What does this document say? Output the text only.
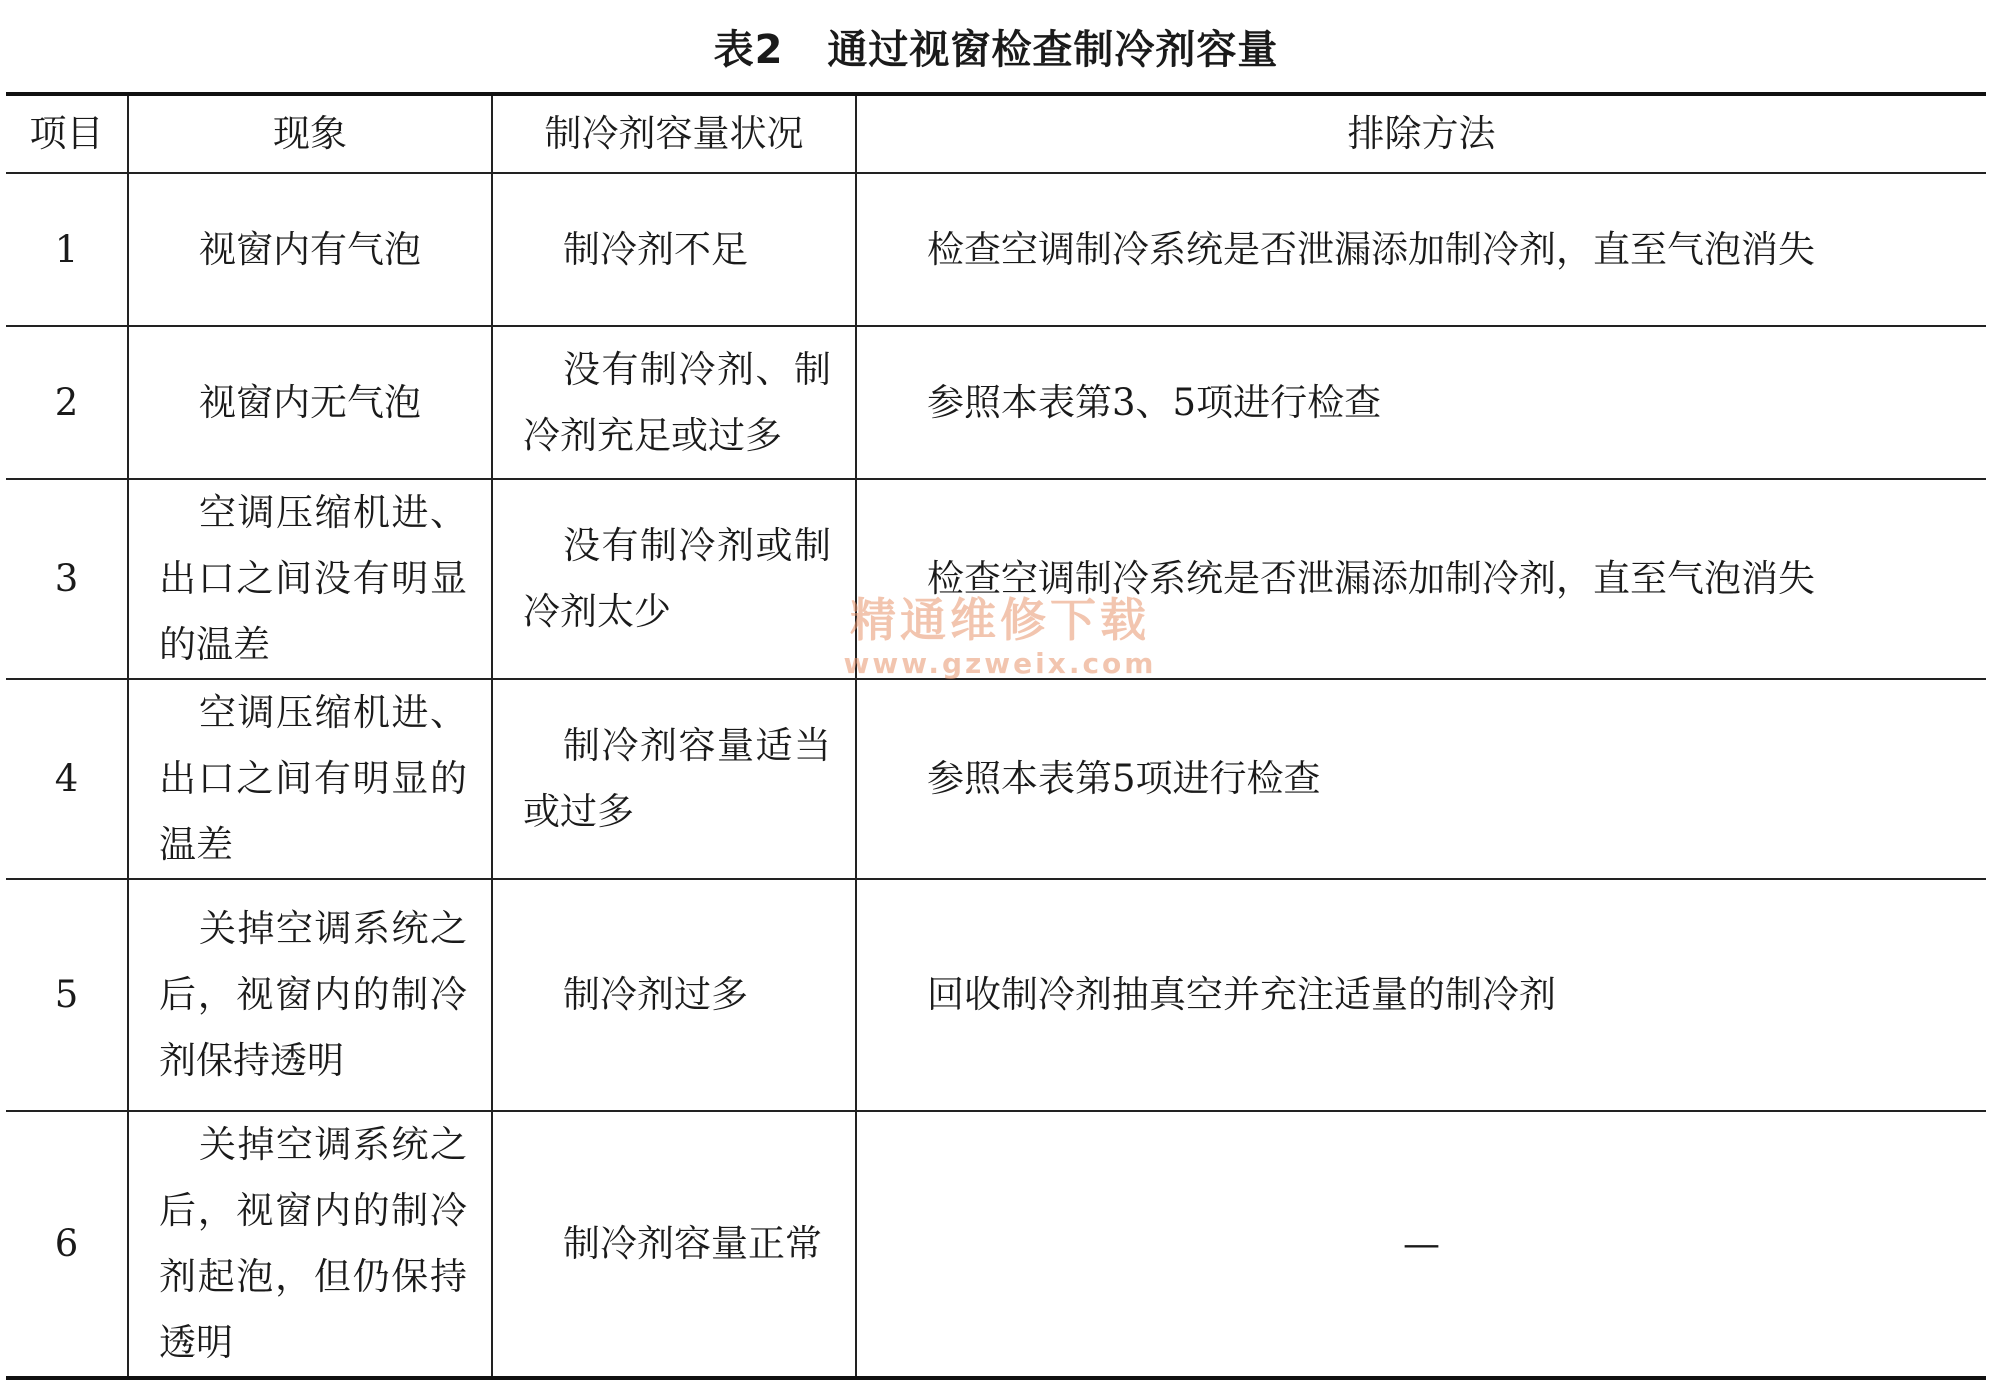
表2 通过视窗检查制冷剂容量
项目	现象	制冷剂容量状况	排除方法
1	视窗内有气泡	制冷剂不足	检查空调制冷系统是否泄漏添加制冷剂，直至气泡消失
2	视窗内无气泡	没有制冷剂、制冷剂充足或过多	参照本表第3、5项进行检查
3	空调压缩机进、出口之间没有明显的温差	没有制冷剂或制冷剂太少	检查空调制冷系统是否泄漏添加制冷剂，直至气泡消失
4	空调压缩机进、出口之间有明显的温差	制冷剂容量适当或过多	参照本表第5项进行检查
5	关掉空调系统之后，视窗内的制冷剂保持透明	制冷剂过多	回收制冷剂抽真空并充注适量的制冷剂
6	关掉空调系统之后，视窗内的制冷剂起泡，但仍保持透明	制冷剂容量正常	—
精通维修下载
www.gzweix.com
